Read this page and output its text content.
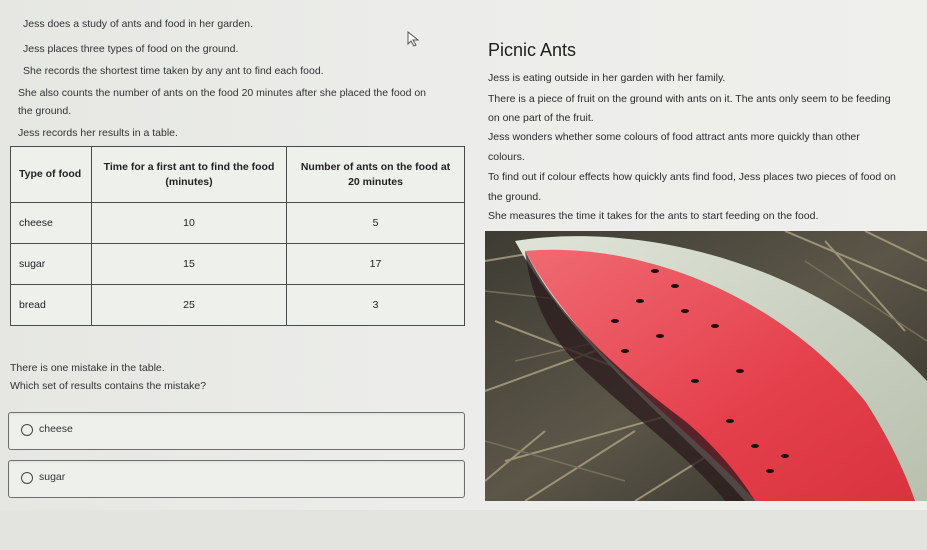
Jess does a study of ants and food in her garden.
Jess places three types of food on the ground.
She records the shortest time taken by any ant to find each food.
She also counts the number of ants on the food 20 minutes after she placed the food on
the ground.
Jess records her results in a table.
Type of food	Time for a first ant to find the food (minutes)	Number of ants on the food at 20 minutes
cheese	10	5
sugar	15	17
bread	25	3
There is one mistake in the table.
Which set of results contains the mistake?
cheese
sugar
Picnic Ants
Jess is eating outside in her garden with her family.
There is a piece of fruit on the ground with ants on it. The ants only seem to be feeding
on one part of the fruit.
Jess wonders whether some colours of food attract ants more quickly than other
colours.
To find out if colour effects how quickly ants find food, Jess places two pieces of food on
the ground.
She measures the time it takes for the ants to start feeding on the food.
